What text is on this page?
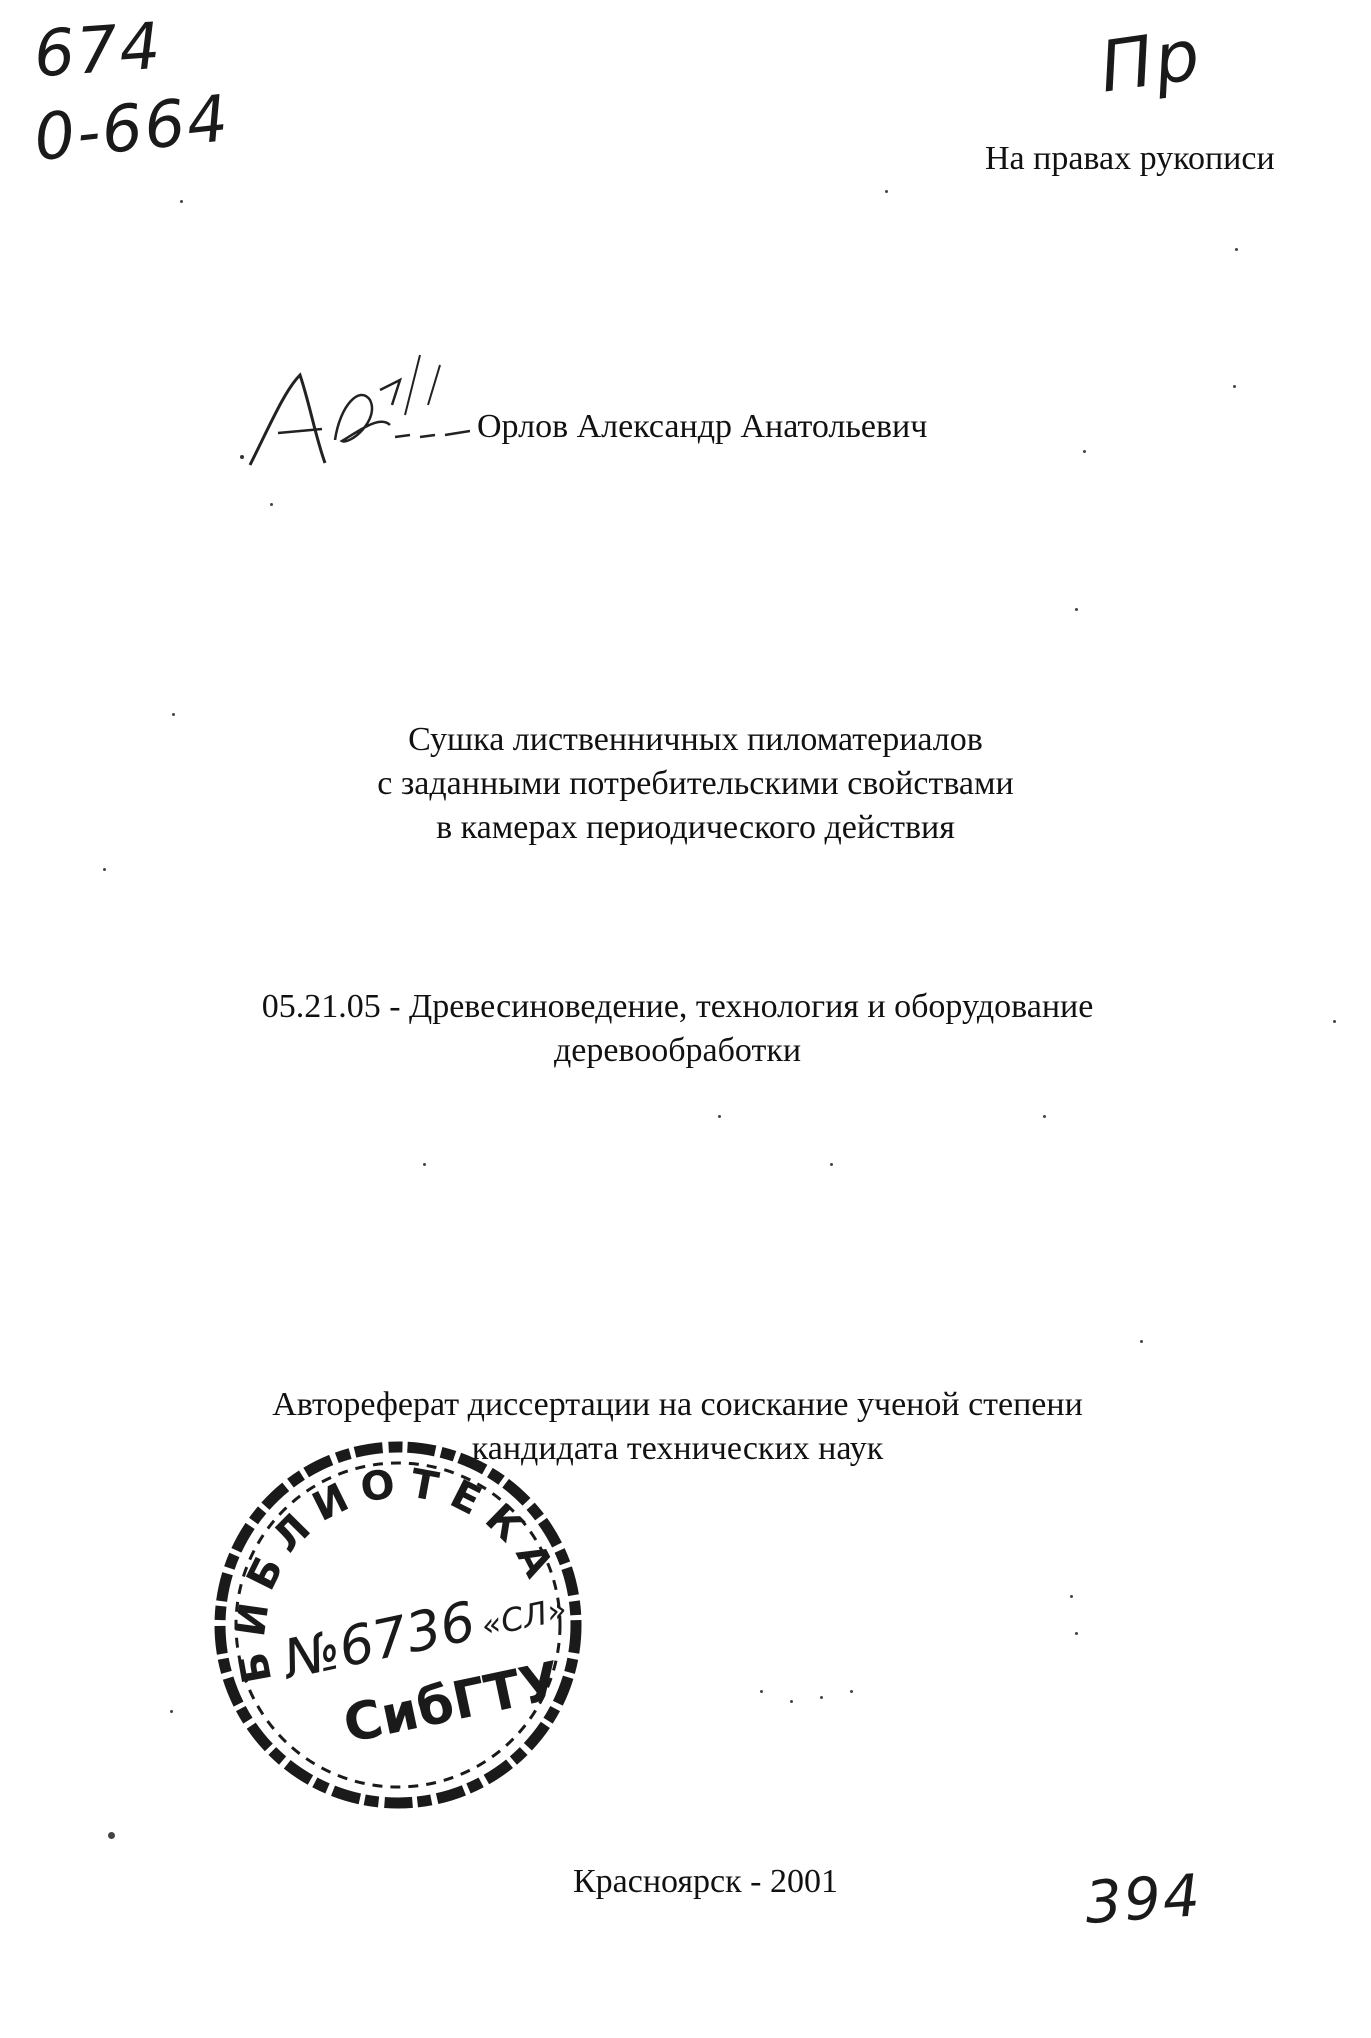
674
0-664
Пр
На правах рукописи
Орлов Александр Анатольевич
Сушка лиственничных пиломатериалов
с заданными потребительскими свойствами
в камерах периодического действия
05.21.05 - Древесиноведение, технология и оборудование
деревообработки
Автореферат диссертации на соискание ученой степени
кандидата технических наук
БИБЛИОТЕКА
№6736
«СЛ»
СибГТУ
Красноярск - 2001	394
